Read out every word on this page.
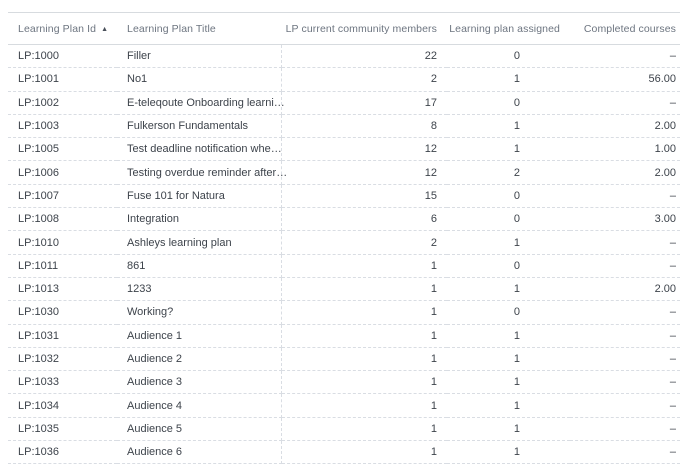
Learning Plan Id ▲	Learning Plan Title	LP current community members	Learning plan assigned	Completed courses
LP:1000	Filler	22	0	–
LP:1001	No1	2	1	56.00
LP:1002	E-teleqoute Onboarding learni…	17	0	–
LP:1003	Fulkerson Fundamentals	8	1	2.00
LP:1005	Test deadline notification whe…	12	1	1.00
LP:1006	Testing overdue reminder after…	12	2	2.00
LP:1007	Fuse 101 for Natura	15	0	–
LP:1008	Integration	6	0	3.00
LP:1010	Ashleys learning plan	2	1	–
LP:1011	861	1	0	–
LP:1013	1233	1	1	2.00
LP:1030	Working?	1	0	–
LP:1031	Audience 1	1	1	–
LP:1032	Audience 2	1	1	–
LP:1033	Audience 3	1	1	–
LP:1034	Audience 4	1	1	–
LP:1035	Audience 5	1	1	–
LP:1036	Audience 6	1	1	–
